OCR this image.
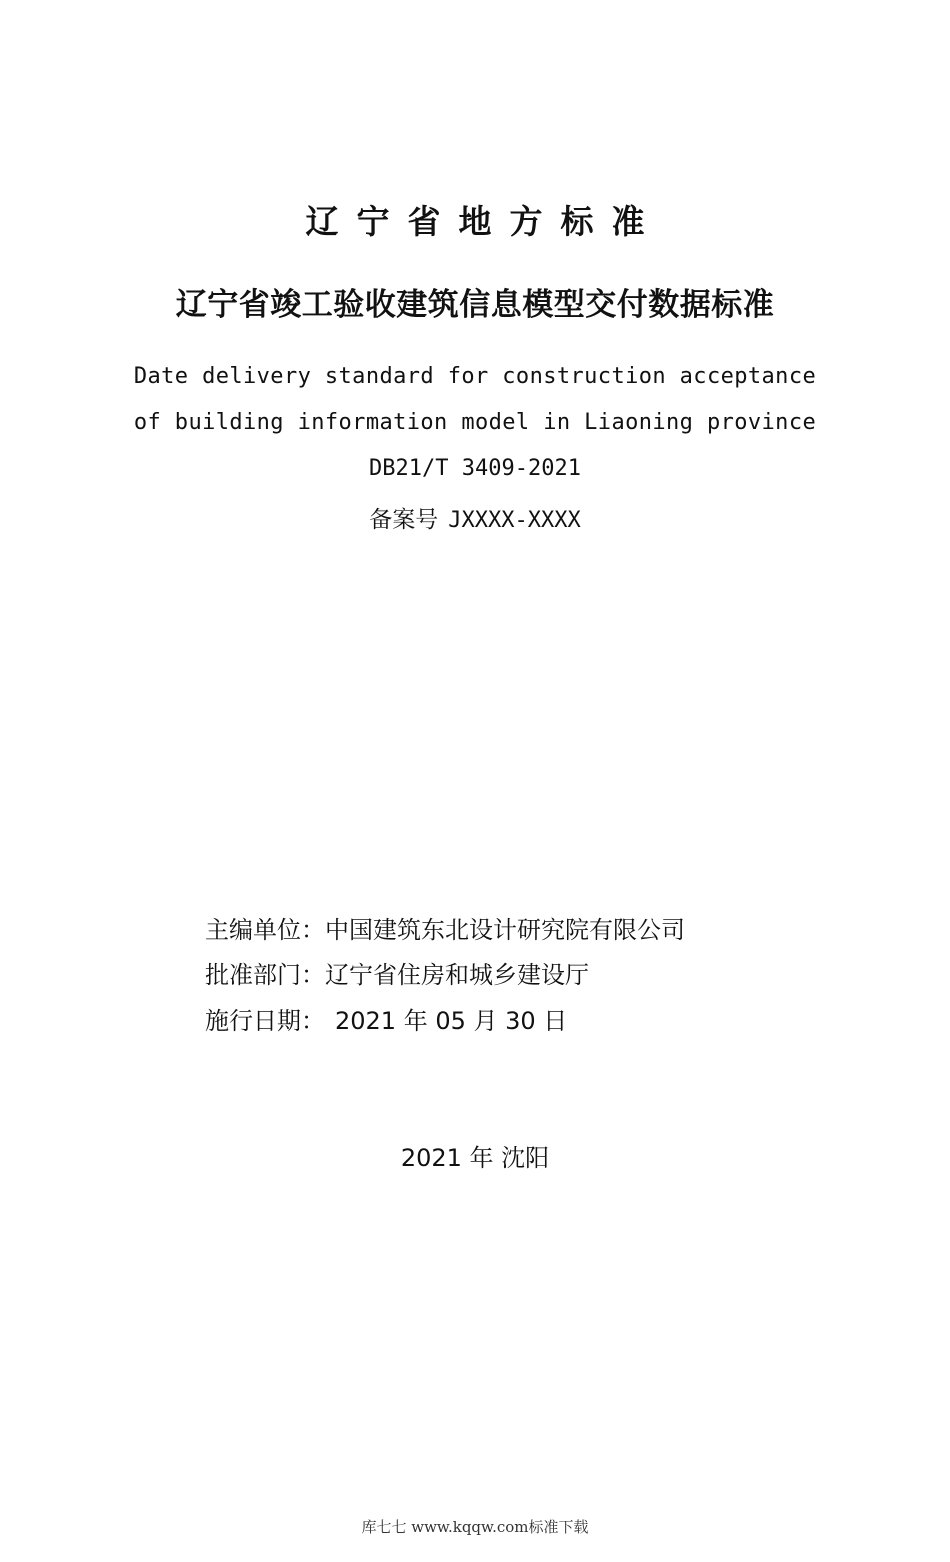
辽宁省地方标准
辽宁省竣工验收建筑信息模型交付数据标准
Date delivery standard for construction acceptance
of building information model in Liaoning province
DB21/T 3409-2021
备案号 JXXXX-XXXX
主编单位：中国建筑东北设计研究院有限公司
批准部门：辽宁省住房和城乡建设厅
施行日期： 2021 年 05 月 30 日
2021 年 沈阳
库七七 www.kqqw.com标准下载
